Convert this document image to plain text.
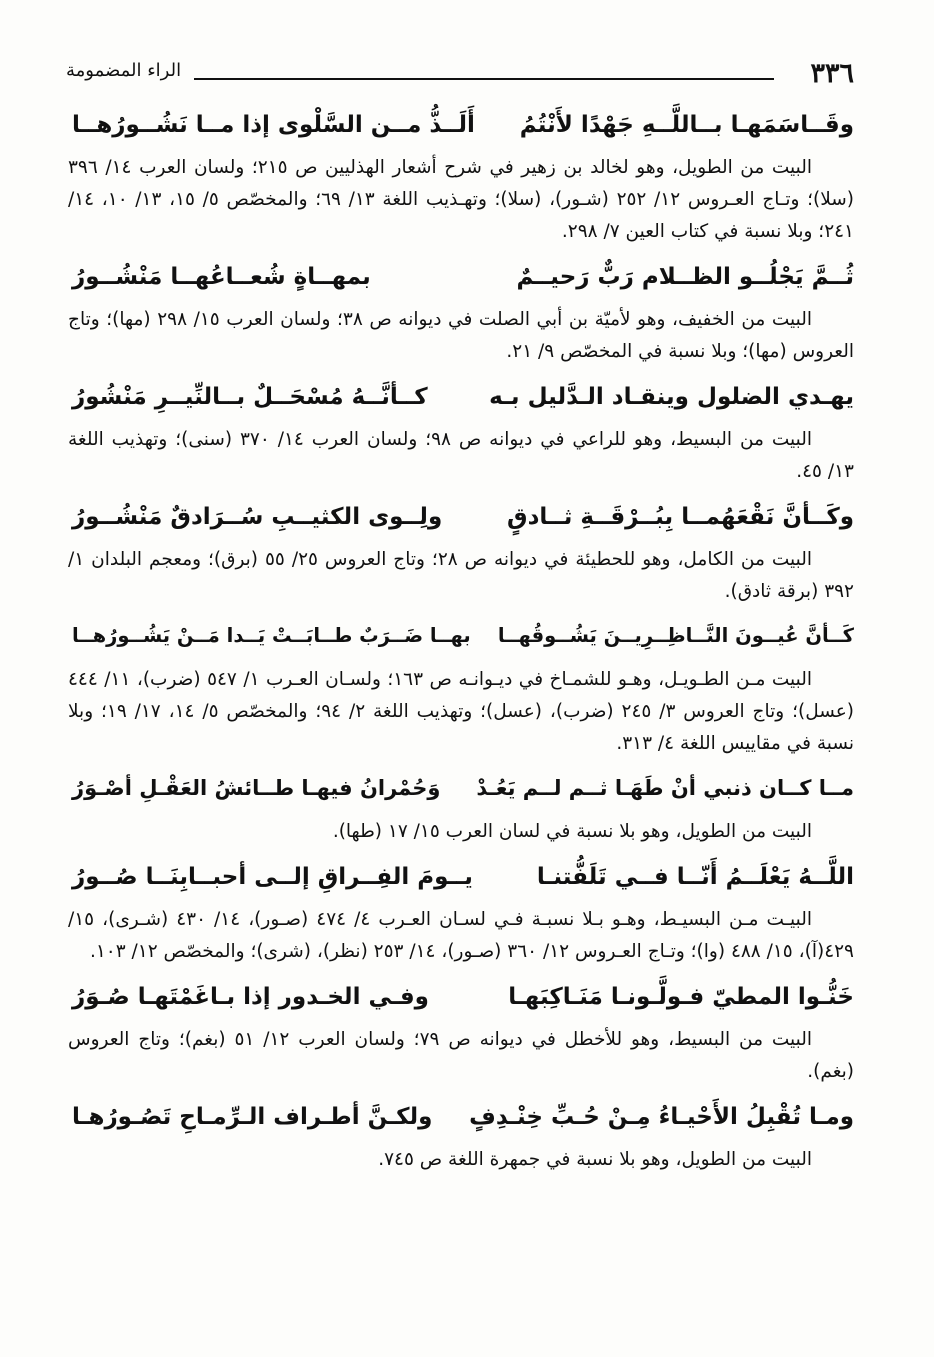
٣٣٦
الراء المضمومة
وقَــاسَمَهـا بــاللَّــهِ جَهْدًا لأَنْتُمُ
أَلَــذُّ مــن السَّلْوى إذا مــا نَشُــورُهــا
البيت من الطويل، وهو لخالد بن زهير في شرح أشعار الهذليين ص ٢١٥؛ ولسان العرب ١٤/ ٣٩٦ (سلا)؛ وتـاج العـروس ١٢/ ٢٥٢ (شـور)، (سلا)؛ وتهـذيب اللغة ١٣/ ٦٩؛ والمخصّص ٥/ ١٥، ١٣/ ١٠، ١٤/ ٢٤١؛ وبلا نسبة في كتاب العين ٧/ ٢٩٨.
ثُــمَّ يَجْلُــو الظــلام رَبٌّ رَحيــمٌ
بمهــاةٍ شُعــاعُهــا مَنْشُــورُ
البيت من الخفيف، وهو لأميّة بن أبي الصلت في ديوانه ص ٣٨؛ ولسان العرب ١٥/ ٢٩٨ (مها)؛ وتاج العروس (مها)؛ وبلا نسبة في المخصّص ٩/ ٢١.
يهـدي الضلول وينقـاد الـدَّليل بـه
كــأنَّــهُ مُسْحَــلٌ بــالنِّيــرِ مَنْشُورُ
البيت من البسيط، وهو للراعي في ديوانه ص ٩٨؛ ولسان العرب ١٤/ ٣٧٠ (سنى)؛ وتهذيب اللغة ١٣/ ٤٥.
وكَــأنَّ نَقْعَهُمــا بِبُــرْقَــةِ ثــادقٍ
ولِــوى الكثيــبِ سُــرَادقٌ مَنْشُــورُ
البيت من الكامل، وهو للحطيئة في ديوانه ص ٢٨؛ وتاج العروس ٢٥/ ٥٥ (برق)؛ ومعجم البلدان ١/ ٣٩٢ (برقة ثادق).
كَــأنَّ عُيــونَ النَّــاظِــرِيــنَ يَشُــوقُهــا
بهــا ضَــرَبٌ طــابَــتْ يَــدا مَــنْ يَشُــورُهــا
البيت مـن الطـويـل، وهـو للشمـاخ في ديـوانـه ص ١٦٣؛ ولسـان العـرب ١/ ٥٤٧ (ضرب)، ١١/ ٤٤٤ (عسل)؛ وتاج العروس ٣/ ٢٤٥ (ضرب)، (عسل)؛ وتهذيب اللغة ٢/ ٩٤؛ والمخصّص ٥/ ١٤، ١٧/ ١٩؛ وبلا نسبة في مقاييس اللغة ٤/ ٣١٣.
مــا كــان ذنبي أنْ طَهَـا ثــم لــم يَعُـدْ
وَحُمْرانُ فيهـا طــائشُ العَقْـلِ أصْـوَرُ
البيت من الطويل، وهو بلا نسبة في لسان العرب ١٥/ ١٧ (طها).
اللَّــهُ يَعْلَــمُ أَنّــا فــي تَلَفُّتنـا
يــومَ الفِــراقِ إلــى أحبــابِنَــا صُــورُ
البيـت مـن البسيـط، وهـو بـلا نسبـة فـي لسـان العـرب ٤/ ٤٧٤ (صـور)، ١٤/ ٤٣٠ (شـرى)، ١٥/ ٤٢٩(آ)، ١٥/ ٤٨٨ (وا)؛ وتـاج العـروس ١٢/ ٣٦٠ (صـور)، ١٤/ ٢٥٣ (نظر)، (شرى)؛ والمخصّص ١٢/ ١٠٣.
خَنُّـوا المطيّ فـولَّـونـا مَنَـاكِبَهـا
وفـي الخـدور إذا بـاغَمْتَهـا صُـوَرُ
البيت من البسيط، وهو للأخطل في ديوانه ص ٧٩؛ ولسان العرب ١٢/ ٥١ (بغم)؛ وتاج العروس (بغم).
ومـا تُقْبِلُ الأَحْيـاءُ مِـنْ حُـبِّ خِنْـدِفٍ
ولكـنَّ أطـراف الـرِّمـاحِ تَصُـورُهـا
البيت من الطويل، وهو بلا نسبة في جمهرة اللغة ص ٧٤٥.
